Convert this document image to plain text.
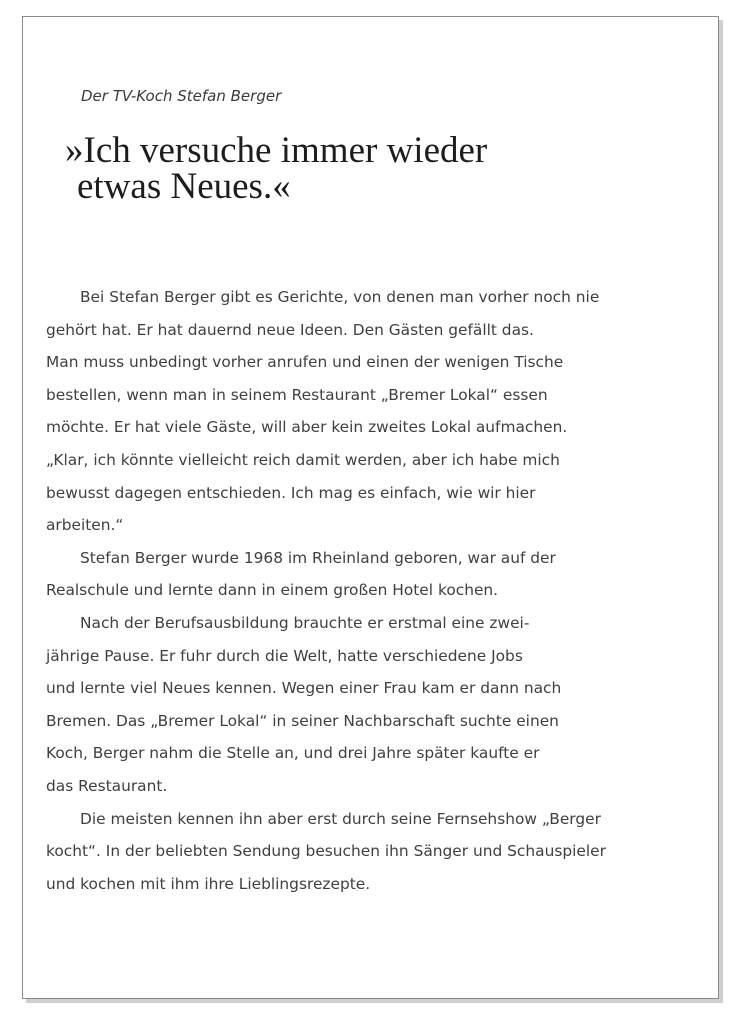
Der TV-Koch Stefan Berger

»Ich versuche immer wieder
etwas Neues.«
Bei Stefan Berger gibt es Gerichte, von denen man vorher noch nie
gehört hat. Er hat dauernd neue Ideen. Den Gästen gefällt das.
Man muss unbedingt vorher anrufen und einen der wenigen Tische
bestellen, wenn man in seinem Restaurant „Bremer Lokal“ essen
möchte. Er hat viele Gäste, will aber kein zweites Lokal aufmachen.
„Klar, ich könnte vielleicht reich damit werden, aber ich habe mich
bewusst dagegen entschieden. Ich mag es einfach, wie wir hier
arbeiten.“
Stefan Berger wurde 1968 im Rheinland geboren, war auf der
Realschule und lernte dann in einem großen Hotel kochen.
Nach der Berufsausbildung brauchte er erstmal eine zwei-
jährige Pause. Er fuhr durch die Welt, hatte verschiedene Jobs
und lernte viel Neues kennen. Wegen einer Frau kam er dann nach
Bremen. Das „Bremer Lokal“ in seiner Nachbarschaft suchte einen
Koch, Berger nahm die Stelle an, und drei Jahre später kaufte er
das Restaurant.
Die meisten kennen ihn aber erst durch seine Fernsehshow „Berger
kocht“. In der beliebten Sendung besuchen ihn Sänger und Schauspieler
und kochen mit ihm ihre Lieblingsrezepte.
